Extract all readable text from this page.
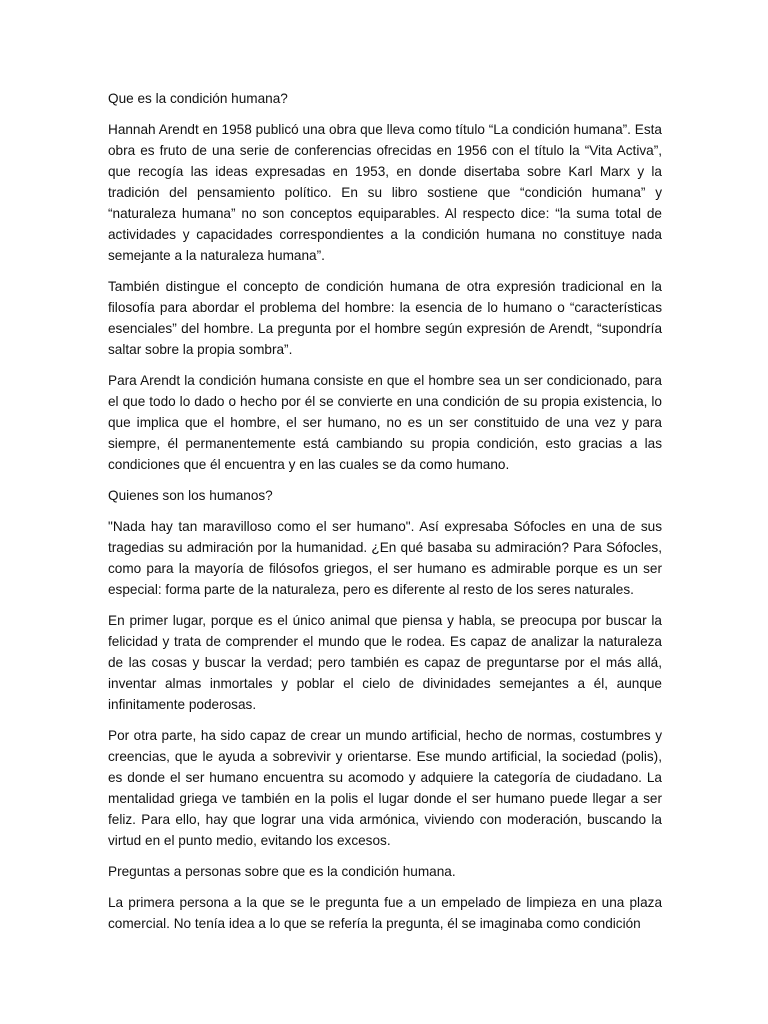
Que es la condición humana?

Hannah Arendt en 1958 publicó una obra que lleva como título “La condición humana”. Esta obra es fruto de una serie de conferencias ofrecidas en 1956 con el título la “Vita Activa”, que recogía las ideas expresadas en 1953, en donde disertaba sobre Karl Marx y la tradición del pensamiento político. En su libro sostiene que “condición humana” y “naturaleza humana” no son conceptos equiparables. Al respecto dice: “la suma total de actividades y capacidades correspondientes a la condición humana no constituye nada semejante a la naturaleza humana”.

También distingue el concepto de condición humana de otra expresión tradicional en la filosofía para abordar el problema del hombre: la esencia de lo humano o “características esenciales” del hombre. La pregunta por el hombre según expresión de Arendt, “supondría saltar sobre la propia sombra”.

Para Arendt la condición humana consiste en que el hombre sea un ser condicionado, para el que todo lo dado o hecho por él se convierte en una condición de su propia existencia, lo que implica que el hombre, el ser humano, no es un ser constituido de una vez y para siempre, él permanentemente está cambiando su propia condición, esto gracias a las condiciones que él encuentra y en las cuales se da como humano.

Quienes son los humanos?

"Nada hay tan maravilloso como el ser humano". Así expresaba Sófocles en una de sus tragedias su admiración por la humanidad. ¿En qué basaba su admiración? Para Sófocles, como para la mayoría de filósofos griegos, el ser humano es admirable porque es un ser especial: forma parte de la naturaleza, pero es diferente al resto de los seres naturales.

En primer lugar, porque es el único animal que piensa y habla, se preocupa por buscar la felicidad y trata de comprender el mundo que le rodea. Es capaz de analizar la naturaleza de las cosas y buscar la verdad; pero también es capaz de preguntarse por el más allá, inventar almas inmortales y poblar el cielo de divinidades semejantes a él, aunque infinitamente poderosas.

Por otra parte, ha sido capaz de crear un mundo artificial, hecho de normas, costumbres y creencias, que le ayuda a sobrevivir y orientarse. Ese mundo artificial, la sociedad (polis), es donde el ser humano encuentra su acomodo y adquiere la categoría de ciudadano. La mentalidad griega ve también en la polis el lugar donde el ser humano puede llegar a ser feliz. Para ello, hay que lograr una vida armónica, viviendo con moderación, buscando la virtud en el punto medio, evitando los excesos.

Preguntas a personas sobre que es la condición humana.

La primera persona a la que se le pregunta fue a un empelado de limpieza en una plaza comercial. No tenía idea a lo que se refería la pregunta, él se imaginaba como condición
